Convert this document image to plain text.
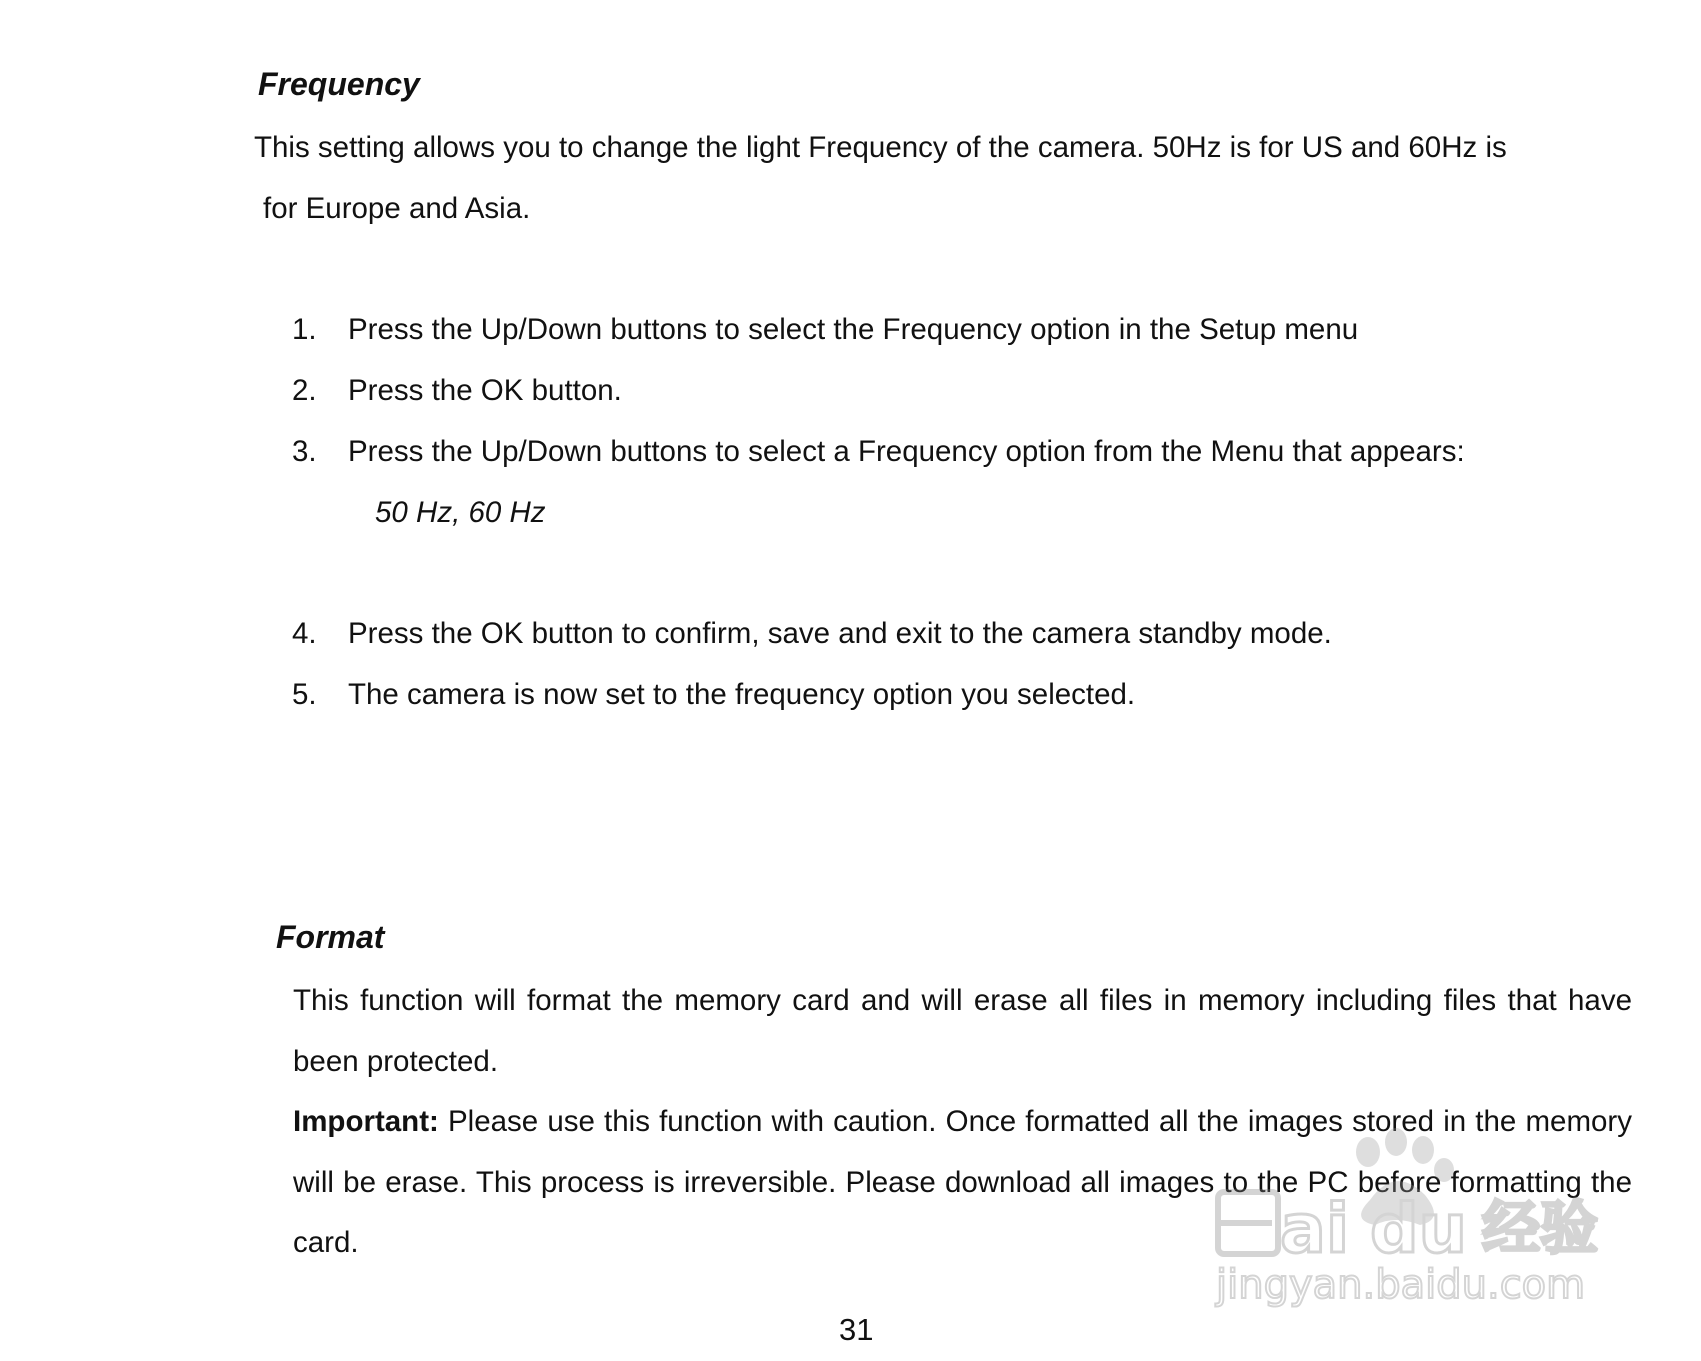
Frequency
This setting allows you to change the light Frequency of the camera. 50Hz is for US and 60Hz is
for Europe and Asia.
1. Press the Up/Down buttons to select the Frequency option in the Setup menu
2. Press the OK button.
3. Press the Up/Down buttons to select a Frequency option from the Menu that appears:
50 Hz, 60 Hz
4. Press the OK button to confirm, save and exit to the camera standby mode.
5. The camera is now set to the frequency option you selected.
Format
This function will format the memory card and will erase all files in memory including files that have been protected.
Important: Please use this function with caution. Once formatted all the images stored in the memory will be erase. This process is irreversible. Please download all images to the PC before formatting the card.
31
ai du 经验
jingyan.baidu.com
